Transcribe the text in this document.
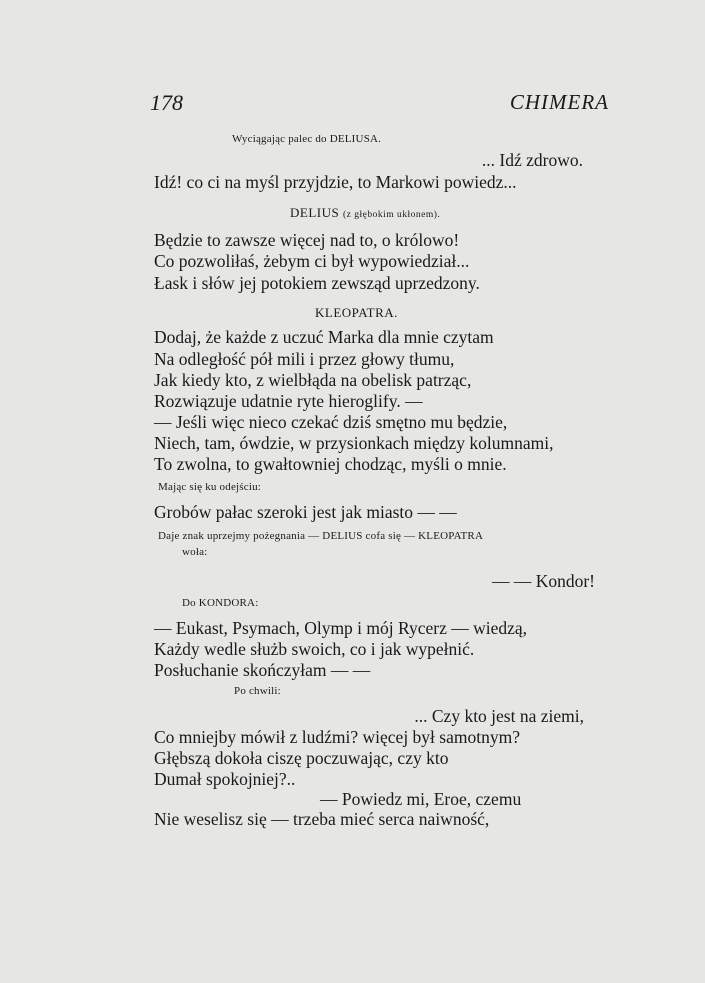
178	CHIMERA
Wyciągając palec do DELIUSA.
... Idź zdrowo.
Idź! co ci na myśl przyjdzie, to Markowi powiedz...
DELIUS (z głębokim ukłonem).
Będzie to zawsze więcej nad to, o królowo!
Co pozwoliłaś, żebym ci był wypowiedział...
Łask i słów jej potokiem zewsząd uprzedzony.
KLEOPATRA.
Dodaj, że każde z uczuć Marka dla mnie czytam
Na odległość pół mili i przez głowy tłumu,
Jak kiedy kto, z wielbłąda na obelisk patrząc,
Rozwiązuje udatnie ryte hieroglify. —
— Jeśli więc nieco czekać dziś smętno mu będzie,
Niech, tam, ówdzie, w przysionkach między kolumnami,
To zwolna, to gwałtowniej chodząc, myśli o mnie.
Mając się ku odejściu:
Grobów pałac szeroki jest jak miasto — —
Daje znak uprzejmy pożegnania — DELIUS cofa się — KLEOPATRA
woła:
— — Kondor!
Do KONDORA:
— Eukast, Psymach, Olymp i mój Rycerz — wiedzą,
Każdy wedle służb swoich, co i jak wypełnić.
Posłuchanie skończyłam — —
Po chwili:
... Czy kto jest na ziemi,
Co mniejby mówił z ludźmi? więcej był samotnym?
Głębszą dokoła ciszę poczuwając, czy kto
Dumał spokojniej?..
— Powiedz mi, Eroe, czemu
Nie weselisz się — trzeba mieć serca naiwność,
